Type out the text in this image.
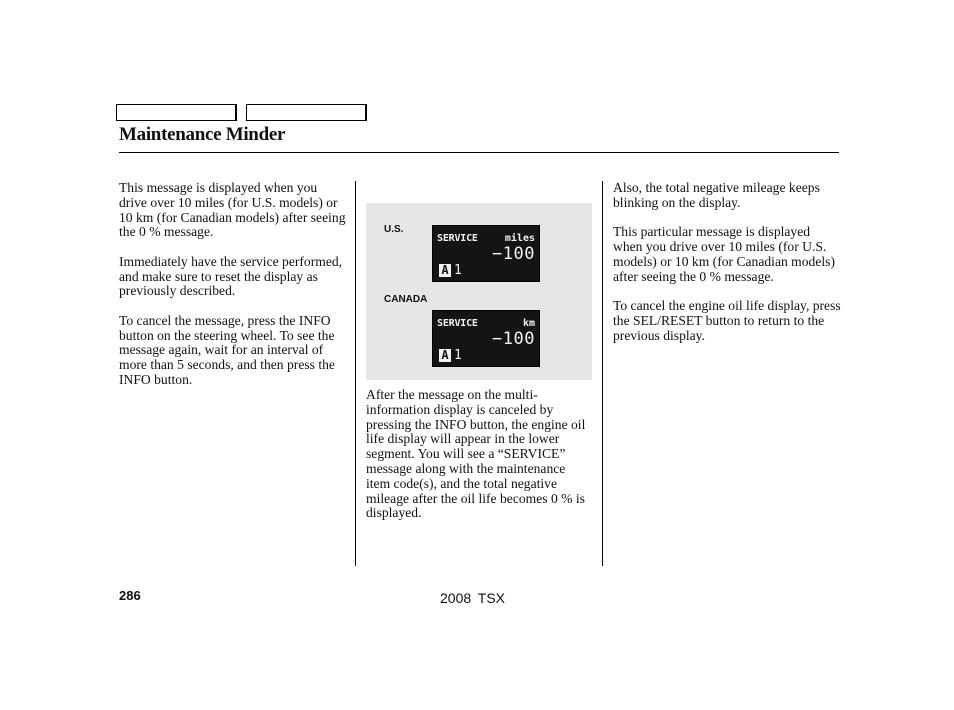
Maintenance Minder

This message is displayed when you drive over 10 miles (for U.S. models) or 10 km (for Canadian models) after seeing the 0 % message.

Immediately have the service performed, and make sure to reset the display as previously described.

To cancel the message, press the INFO button on the steering wheel. To see the message again, wait for an interval of more than 5 seconds, and then press the INFO button.

U.S.
SERVICE	miles
−100
A 1
CANADA
SERVICE	km
−100
A 1

After the message on the multi-information display is canceled by pressing the INFO button, the engine oil life display will appear in the lower segment. You will see a “SERVICE” message along with the maintenance item code(s), and the total negative mileage after the oil life becomes 0 % is displayed.

Also, the total negative mileage keeps blinking on the display.

This particular message is displayed when you drive over 10 miles (for U.S. models) or 10 km (for Canadian models) after seeing the 0 % message.

To cancel the engine oil life display, press the SEL/RESET button to return to the previous display.

286	2008 TSX
